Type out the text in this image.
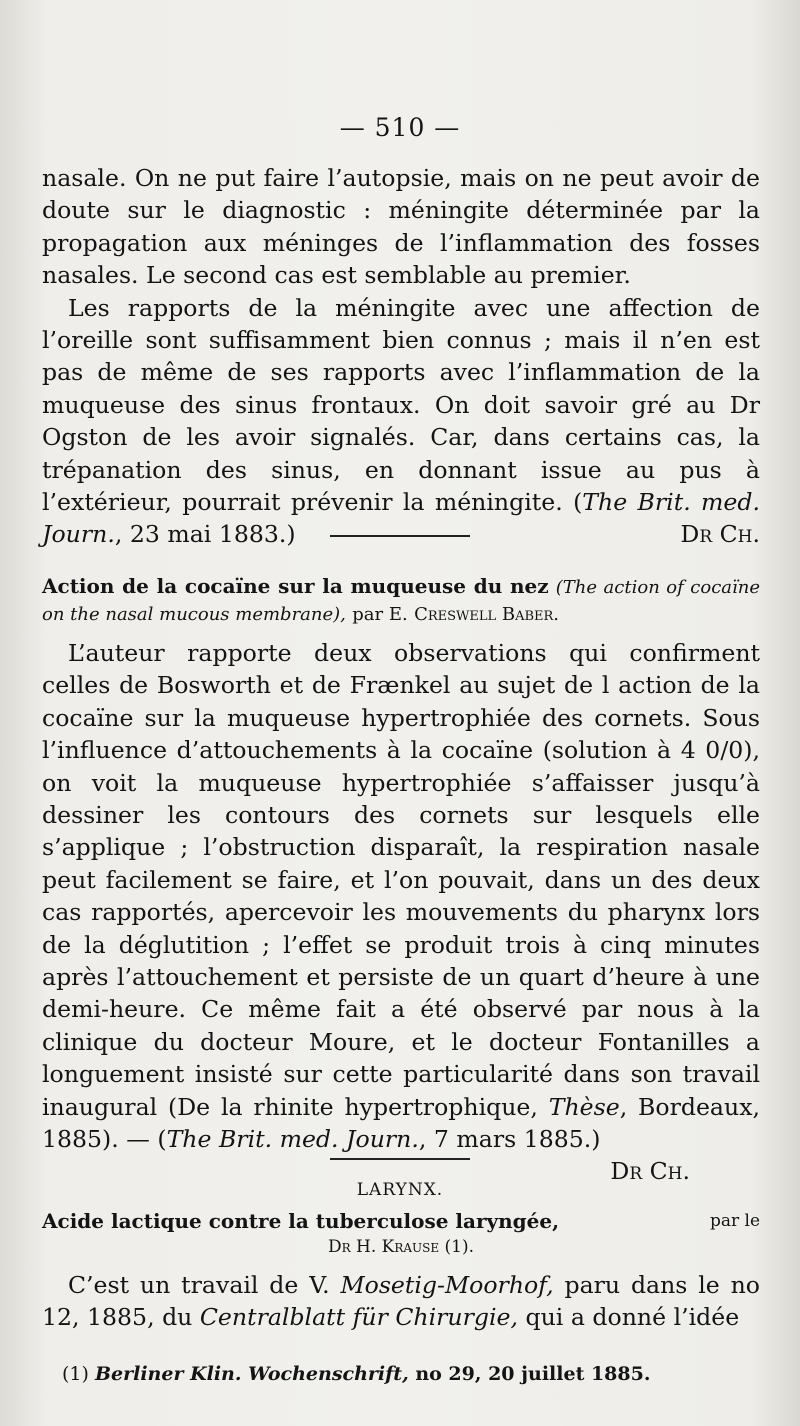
— 510 —

nasale. On ne put faire l’autopsie, mais on ne peut avoir de doute sur le diagnostic : méningite déterminée par la propagation aux méninges de l’inflammation des fosses nasales. Le second cas est semblable au premier.

Les rapports de la méningite avec une affection de l’oreille sont suffisamment bien connus ; mais il n’en est pas de même de ses rapports avec l’inflammation de la muqueuse des sinus frontaux. On doit savoir gré au Dr Ogston de les avoir signalés. Car, dans certains cas, la trépanation des sinus, en donnant issue au pus à l’extérieur, pourrait prévenir la méningite. (The Brit. med. Journ., 23 mai 1883.)	Dr Ch.

Action de la cocaïne sur la muqueuse du nez (The action of cocaïne on the nasal mucous membrane), par E. Creswell Baber.

L’auteur rapporte deux observations qui confirment celles de Bosworth et de Frænkel au sujet de l action de la cocaïne sur la muqueuse hypertrophiée des cornets. Sous l’influence d’attouchements à la cocaïne (solution à 4 0/0), on voit la muqueuse hypertrophiée s’affaisser jusqu’à dessiner les contours des cornets sur lesquels elle s’applique ; l’obstruction disparaît, la respiration nasale peut facilement se faire, et l’on pouvait, dans un des deux cas rapportés, apercevoir les mouvements du pharynx lors de la déglutition ; l’effet se produit trois à cinq minutes après l’attouchement et persiste de un quart d’heure à une demi-heure. Ce même fait a été observé par nous à la clinique du docteur Moure, et le docteur Fontanilles a longuement insisté sur cette particularité dans son travail inaugural (De la rhinite hypertrophique, Thèse, Bordeaux, 1885). — (The Brit. med. Journ., 7 mars 1885.)
Dr Ch.

LARYNX.
Acide lactique contre la tuberculose laryngée,	par le
Dr H. Krause (1).

C’est un travail de V. Mosetig-Moorhof, paru dans le no 12, 1885, du Centralblatt für Chirurgie, qui a donné l’idée

(1) Berliner Klin. Wochenschrift, no 29, 20 juillet 1885.
